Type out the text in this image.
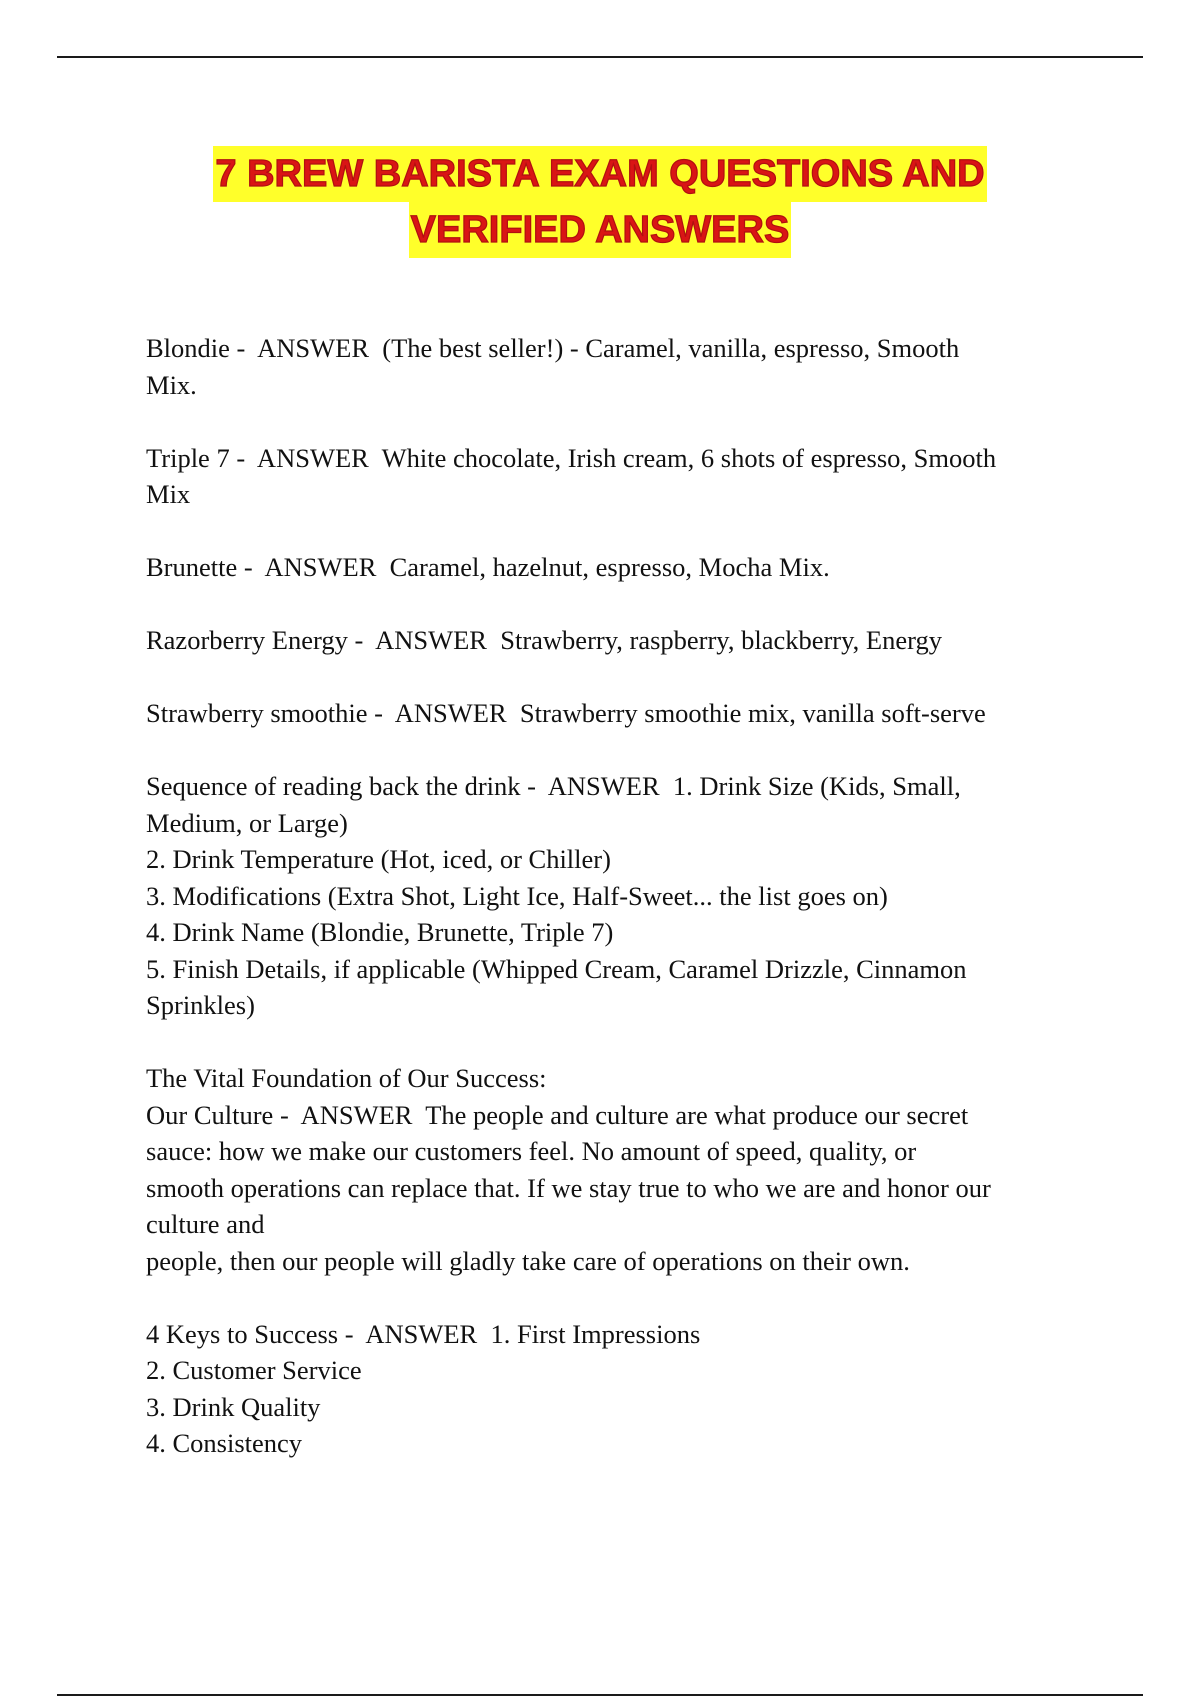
7 BREW BARISTA EXAM QUESTIONS AND
VERIFIED ANSWERS
Blondie -  ANSWER  (The best seller!) - Caramel, vanilla, espresso, Smooth
Mix.
Triple 7 -  ANSWER  White chocolate, Irish cream, 6 shots of espresso, Smooth
Mix
Brunette -  ANSWER  Caramel, hazelnut, espresso, Mocha Mix.
Razorberry Energy -  ANSWER  Strawberry, raspberry, blackberry, Energy
Strawberry smoothie -  ANSWER  Strawberry smoothie mix, vanilla soft-serve
Sequence of reading back the drink -  ANSWER  1. Drink Size (Kids, Small,
Medium, or Large)
2. Drink Temperature (Hot, iced, or Chiller)
3. Modifications (Extra Shot, Light Ice, Half-Sweet... the list goes on)
4. Drink Name (Blondie, Brunette, Triple 7)
5. Finish Details, if applicable (Whipped Cream, Caramel Drizzle, Cinnamon
Sprinkles)
The Vital Foundation of Our Success:
Our Culture -  ANSWER  The people and culture are what produce our secret
sauce: how we make our customers feel. No amount of speed, quality, or
smooth operations can replace that. If we stay true to who we are and honor our
culture and
people, then our people will gladly take care of operations on their own.
4 Keys to Success -  ANSWER  1. First Impressions
2. Customer Service
3. Drink Quality
4. Consistency
